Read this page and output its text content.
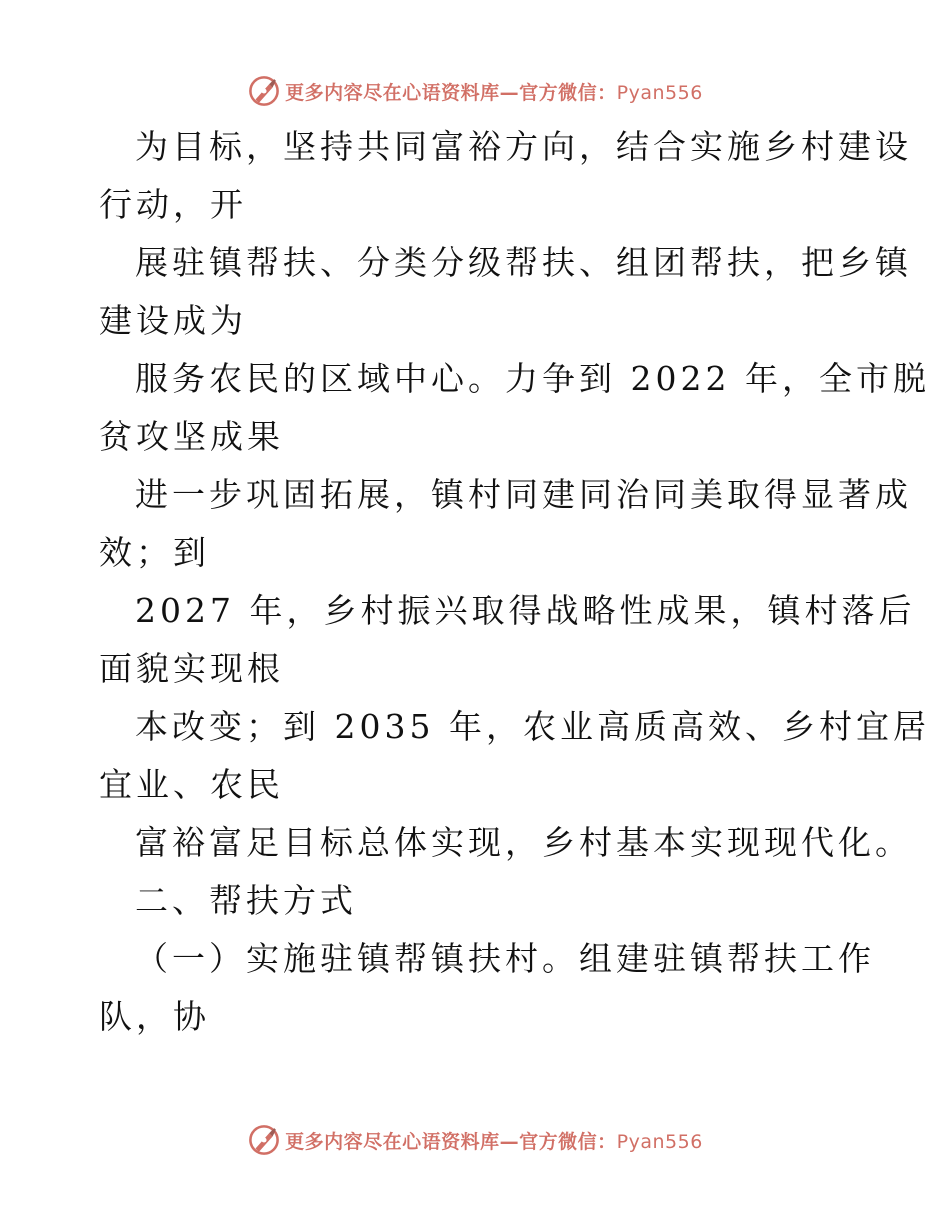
更多内容尽在心语资料库—官方微信：Pyan556
为目标，坚持共同富裕方向，结合实施乡村建设
行动，开
展驻镇帮扶、分类分级帮扶、组团帮扶，把乡镇
建设成为
服务农民的区域中心。力争到 2022 年，全市脱
贫攻坚成果
进一步巩固拓展，镇村同建同治同美取得显著成
效；到
2027 年，乡村振兴取得战略性成果，镇村落后
面貌实现根
本改变；到 2035 年，农业高质高效、乡村宜居
宜业、农民
富裕富足目标总体实现，乡村基本实现现代化。
二、帮扶方式
（一）实施驻镇帮镇扶村。组建驻镇帮扶工作
队，协
更多内容尽在心语资料库—官方微信：Pyan556
